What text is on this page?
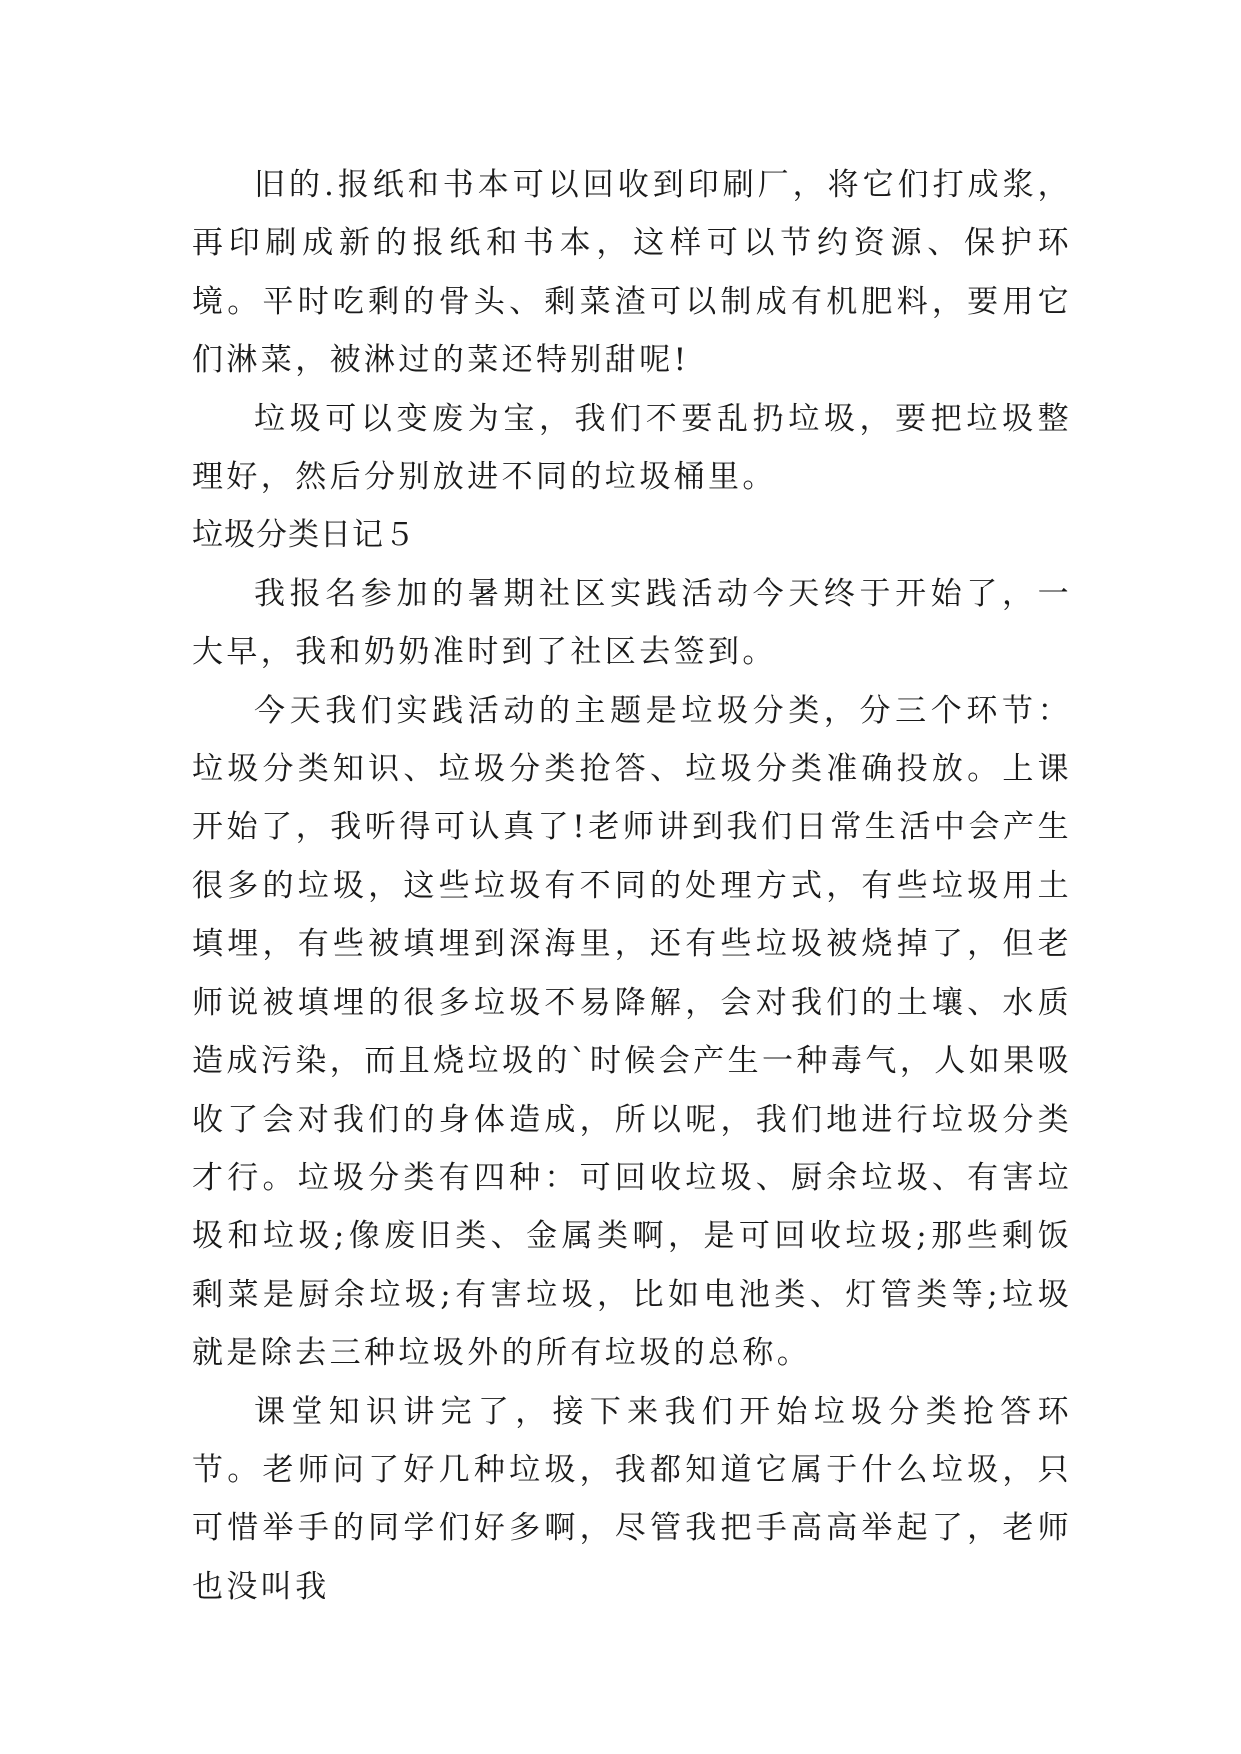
旧的.报纸和书本可以回收到印刷厂，将它们打成浆，再印刷成新的报纸和书本，这样可以节约资源、保护环境。平时吃剩的骨头、剩菜渣可以制成有机肥料，要用它们淋菜，被淋过的菜还特别甜呢!

垃圾可以变废为宝，我们不要乱扔垃圾，要把垃圾整理好，然后分别放进不同的垃圾桶里。

垃圾分类日记５

我报名参加的暑期社区实践活动今天终于开始了，一大早，我和奶奶准时到了社区去签到。

今天我们实践活动的主题是垃圾分类，分三个环节：垃圾分类知识、垃圾分类抢答、垃圾分类准确投放。上课开始了，我听得可认真了!老师讲到我们日常生活中会产生很多的垃圾，这些垃圾有不同的处理方式，有些垃圾用土填埋，有些被填埋到深海里，还有些垃圾被烧掉了，但老师说被填埋的很多垃圾不易降解，会对我们的土壤、水质造成污染，而且烧垃圾的`时候会产生一种毒气，人如果吸收了会对我们的身体造成，所以呢，我们地进行垃圾分类才行。垃圾分类有四种：可回收垃圾、厨余垃圾、有害垃圾和垃圾;像废旧类、金属类啊，是可回收垃圾;那些剩饭剩菜是厨余垃圾;有害垃圾，比如电池类、灯管类等;垃圾就是除去三种垃圾外的所有垃圾的总称。

课堂知识讲完了，接下来我们开始垃圾分类抢答环节。老师问了好几种垃圾，我都知道它属于什么垃圾，只可惜举手的同学们好多啊，尽管我把手高高举起了，老师也没叫我
